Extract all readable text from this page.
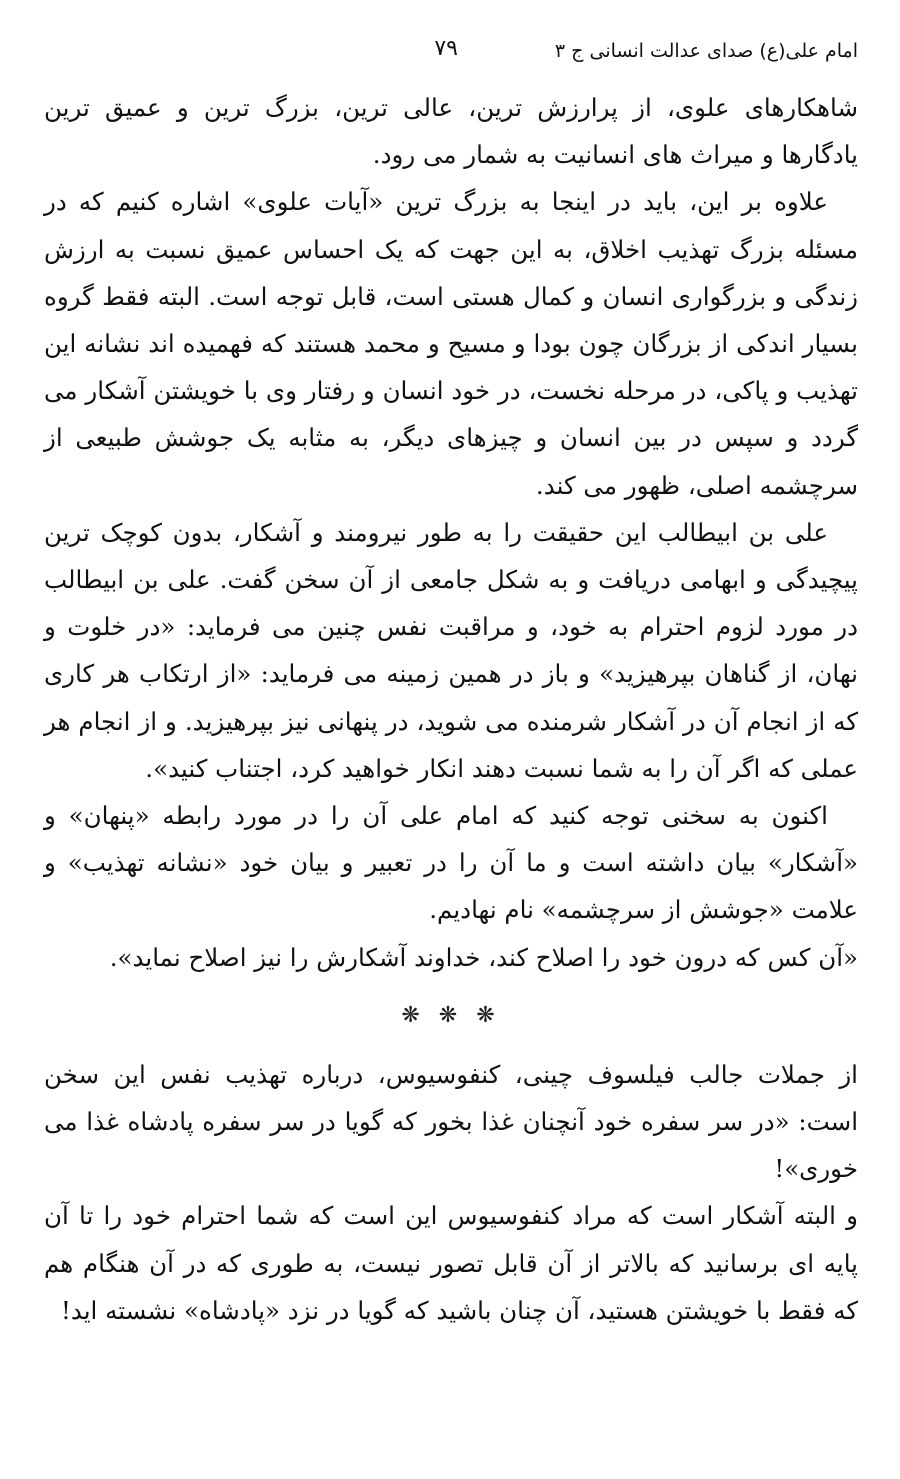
امام علی(ع) صدای عدالت انسانی ج ۳
۷۹

شاهکارهای علوی، از پرارزش ترین، عالی ترین، بزرگ ترین و عمیق ترین یادگارها و میراث های انسانیت به شمار می رود.

علاوه بر این، باید در اینجا به بزرگ ترین «آیات علوی» اشاره کنیم که در مسئله بزرگ تهذیب اخلاق، به این جهت که یک احساس عمیق نسبت به ارزش زندگی و بزرگواری انسان و کمال هستی است، قابل توجه است. البته فقط گروه بسیار اندکی از بزرگان چون بودا و مسیح و محمد هستند که فهمیده اند نشانه این تهذیب و پاکی، در مرحله نخست، در خود انسان و رفتار وی با خویشتن آشکار می گردد و سپس در بین انسان و چیزهای دیگر، به مثابه یک جوشش طبیعی از سرچشمه اصلی، ظهور می کند.

علی بن ابیطالب این حقیقت را به طور نیرومند و آشکار، بدون کوچک ترین پیچیدگی و ابهامی دریافت و به شکل جامعی از آن سخن گفت. علی بن ابیطالب در مورد لزوم احترام به خود، و مراقبت نفس چنین می فرماید: «در خلوت و نهان، از گناهان بپرهیزید» و باز در همین زمینه می فرماید: «از ارتکاب هر کاری که از انجام آن در آشکار شرمنده می شوید، در پنهانی نیز بپرهیزید. و از انجام هر عملی که اگر آن را به شما نسبت دهند انکار خواهید کرد، اجتناب کنید».

اکنون به سخنی توجه کنید که امام علی آن را در مورد رابطه «پنهان» و «آشکار» بیان داشته است و ما آن را در تعبیر و بیان خود «نشانه تهذیب» و علامت «جوشش از سرچشمه» نام نهادیم.

«آن کس که درون خود را اصلاح کند، خداوند آشکارش را نیز اصلاح نماید».

❋ ❋ ❋

از جملات جالب فیلسوف چینی، کنفوسیوس، درباره تهذیب نفس این سخن است: «در سر سفره خود آنچنان غذا بخور که گویا در سر سفره پادشاه غذا می خوری»!

و البته آشکار است که مراد کنفوسیوس این است که شما احترام خود را تا آن پایه ای برسانید که بالاتر از آن قابل تصور نیست، به طوری که در آن هنگام هم که فقط با خویشتن هستید، آن چنان باشید که گویا در نزد «پادشاه» نشسته اید!
